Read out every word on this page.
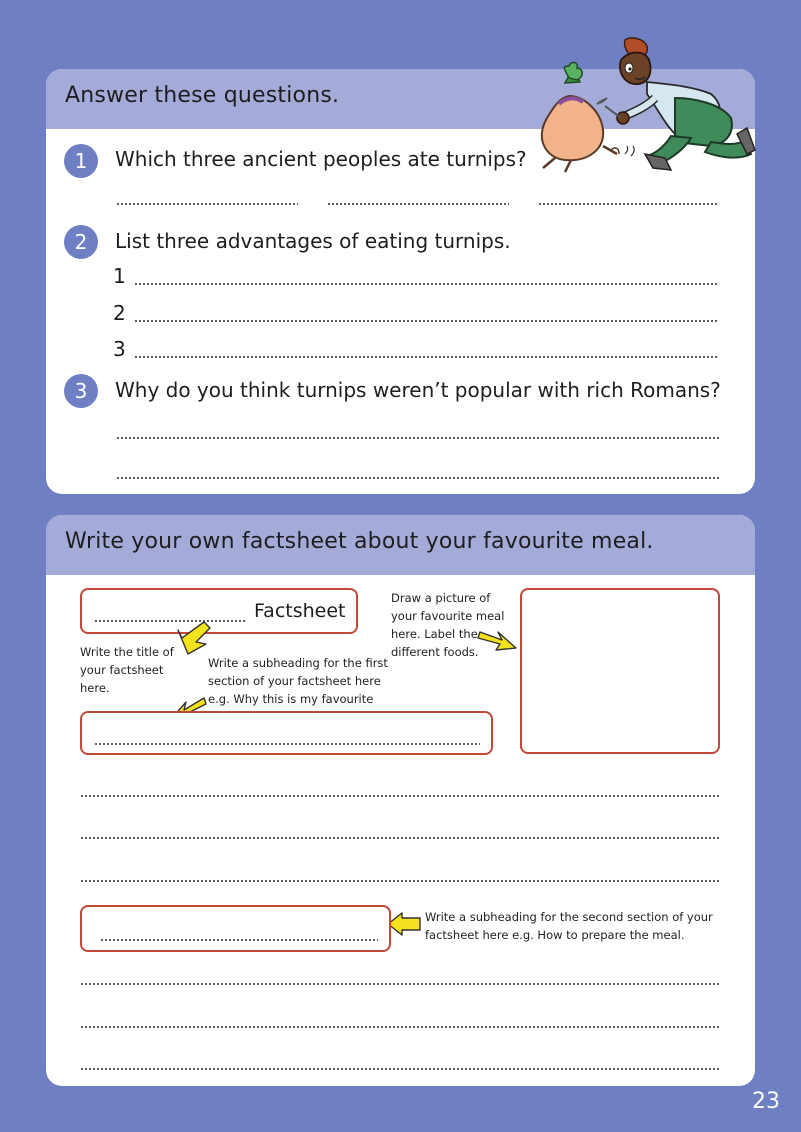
Answer these questions.
1	Which three ancient peoples ate turnips?
2	List three advantages of eating turnips.
1
2
3
3	Why do you think turnips weren’t popular with rich Romans?
Write your own factsheet about your favourite meal.
Factsheet
Write the title of your factsheet here.
Write a subheading for the first section of your factsheet here e.g. Why this is my favourite
Draw a picture of your favourite meal here. Label the different foods.
Write a subheading for the second section of your factsheet here e.g. How to prepare the meal.
23
